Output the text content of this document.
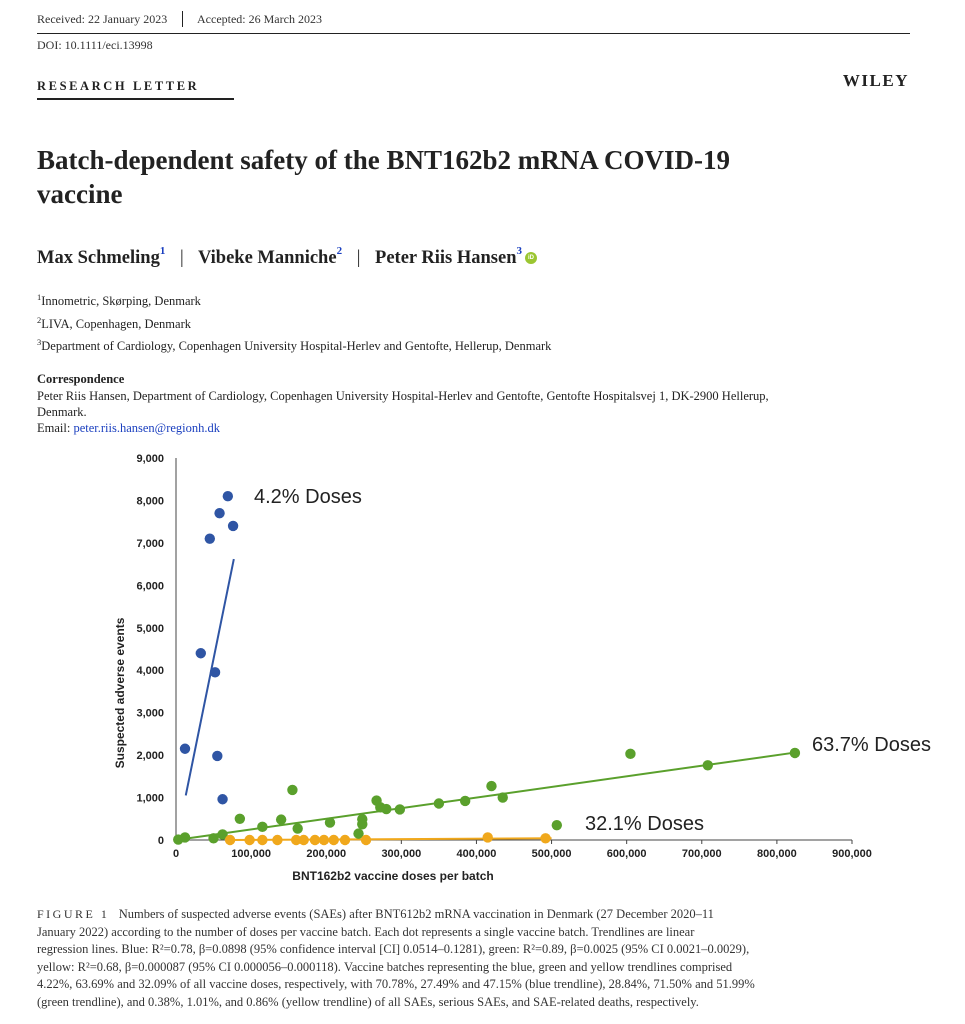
Received: 22 January 2023 Accepted: 26 March 2023
DOI: 10.1111/eci.13998
RESEARCH LETTER	WILEY
Batch-dependent safety of the BNT162b2 mRNA COVID-19
vaccine
Max Schmeling$^1$ | Vibeke Manniche$^2$ | Peter Riis Hansen$^3$iD
$^1$Innometric, Skørping, Denmark
$^2$LIVA, Copenhagen, Denmark
$^3$Department of Cardiology, Copenhagen University Hospital-Herlev and Gentofte, Hellerup, Denmark
Correspondence
Peter Riis Hansen, Department of Cardiology, Copenhagen University Hospital-Herlev and Gentofte, Gentofte Hospitalsvej 1, DK-2900 Hellerup,
Denmark.
Email: peter.riis.hansen@regionh.dk
0
1,000
2,000
3,000
4,000
5,000
6,000
7,000
8,000
9,000
0	100,000	200,000	300,000	400,000	500,000	600,000	700,000	800,000	900,000
Suspected adverse events
BNT162b2 vaccine doses per batch
4.2% Doses
63.7% Doses
32.1% Doses
FIGURE 1 Numbers of suspected adverse events (SAEs) after BNT612b2 mRNA vaccination in Denmark (27 December 2020–11
January 2022) according to the number of doses per vaccine batch. Each dot represents a single vaccine batch. Trendlines are linear
regression lines. Blue: R²=0.78, β=0.0898 (95% confidence interval [CI] 0.0514–0.1281), green: R²=0.89, β=0.0025 (95% CI 0.0021–0.0029),
yellow: R²=0.68, β=0.000087 (95% CI 0.000056–0.000118). Vaccine batches representing the blue, green and yellow trendlines comprised
4.22%, 63.69% and 32.09% of all vaccine doses, respectively, with 70.78%, 27.49% and 47.15% (blue trendline), 28.84%, 71.50% and 51.99%
(green trendline), and 0.38%, 1.01%, and 0.86% (yellow trendline) of all SAEs, serious SAEs, and SAE-related deaths, respectively.
